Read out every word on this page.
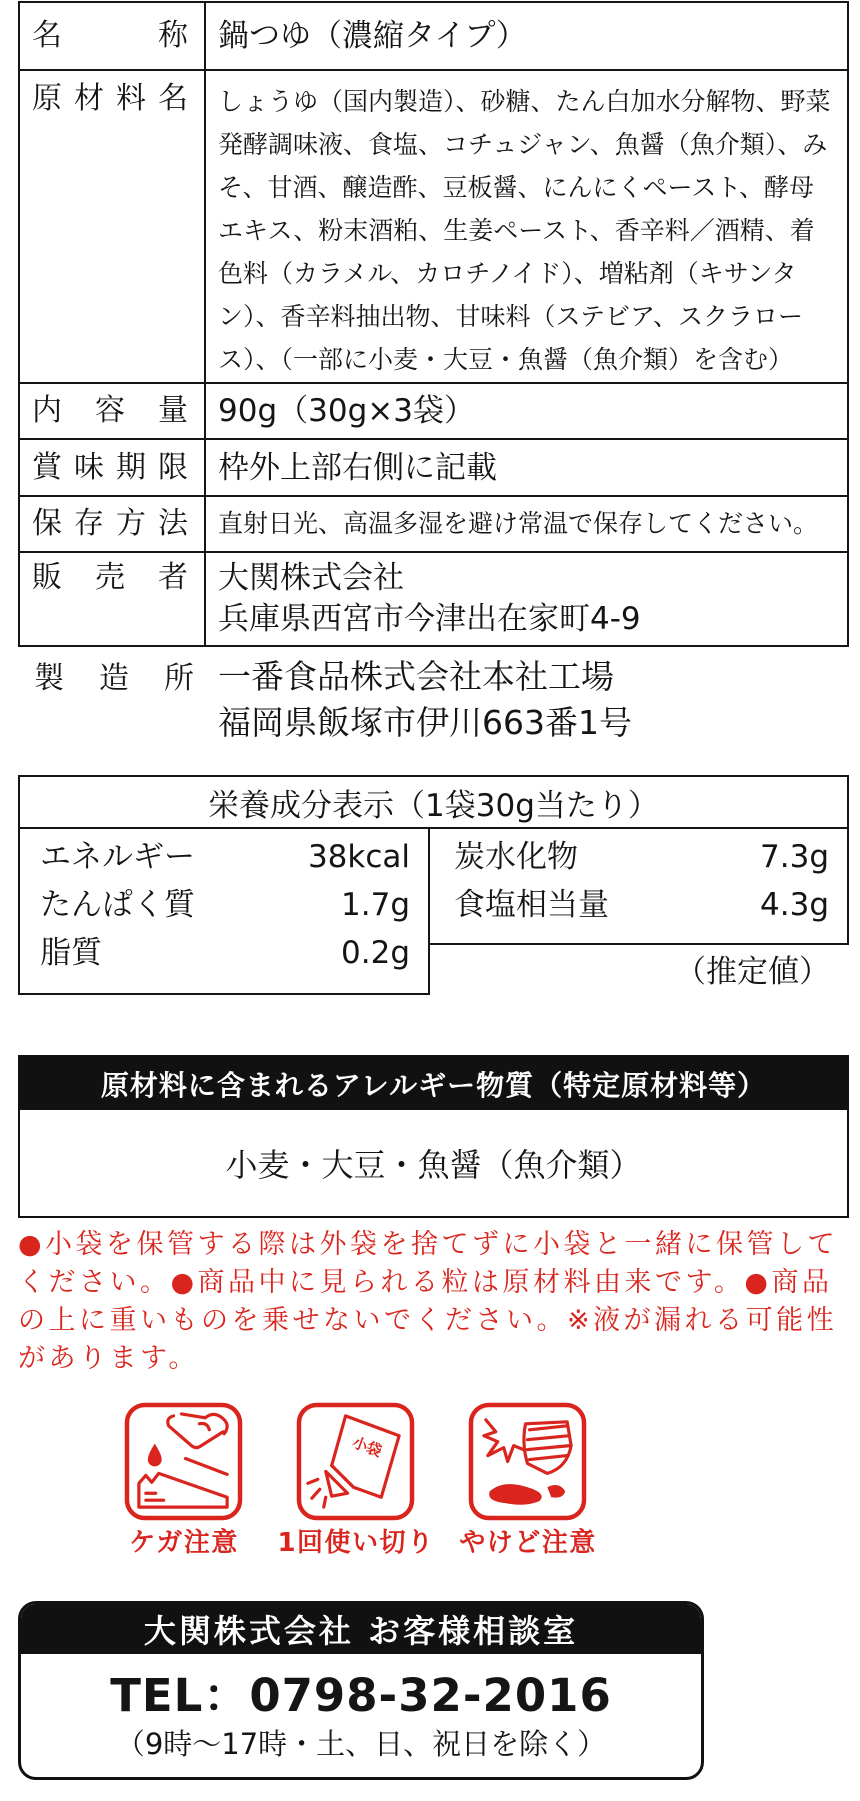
名称 鍋つゆ（濃縮タイプ）
原材料名 しょうゆ（国内製造）、砂糖、たん白加水分解物、野菜発酵調味液、食塩、コチュジャン、魚醤（魚介類）、みそ、甘酒、醸造酢、豆板醤、にんにくペースト、酵母エキス、粉末酒粕、生姜ペースト、香辛料／酒精、着色料（カラメル、カロチノイド）、増粘剤（キサンタン）、香辛料抽出物、甘味料（ステビア、スクラロース）、（一部に小麦・大豆・魚醤（魚介類）を含む）
内容量 90g（30g×3袋）
賞味期限 枠外上部右側に記載
保存方法	直射日光、高温多湿を避け常温で保存してください。
販売者 大関株式会社
兵庫県西宮市今津出在家町4-9
製造所 一番食品株式会社本社工場
福岡県飯塚市伊川663番1号
栄養成分表示（1袋30g当たり）
エネルギー	38kcal
たんぱく質	1.7g
脂質	0.2g
炭水化物	7.3g
食塩相当量	4.3g
（推定値）
原材料に含まれるアレルギー物質（特定原材料等）
小麦・大豆・魚醤（魚介類）
●小袋を保管する際は外袋を捨てずに小袋と一緒に保管してください。●商品中に見られる粒は原材料由来です。●商品の上に重いものを乗せないでください。※液が漏れる可能性があります。
小袋
ケガ注意	1回使い切り やけど注意
大関株式会社 お客様相談室
TEL：0798-32-2016
（9時〜17時・土、日、祝日を除く）
